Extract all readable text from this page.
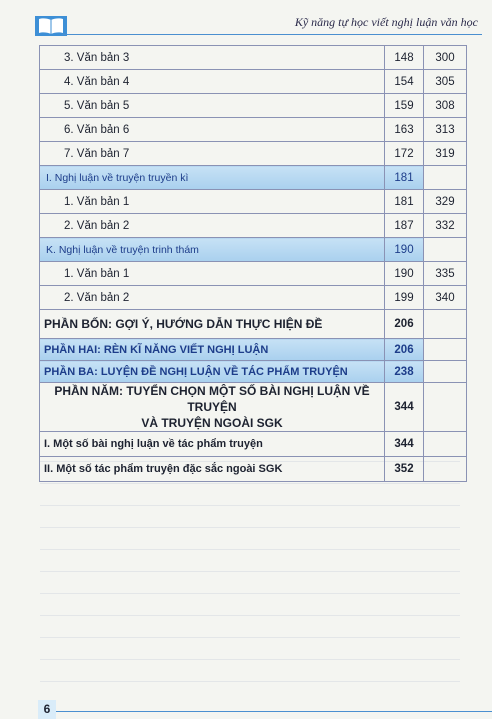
Kỹ năng tự học viết nghị luận văn học
3. Văn bản 3	148	300
4. Văn bản 4	154	305
5. Văn bản 5	159	308
6. Văn bản 6	163	313
7. Văn bản 7	172	319
I. Nghị luận về truyện truyền kì	181	
1. Văn bản 1	181	329
2. Văn bản 2	187	332
K. Nghị luận về truyện trinh thám	190	
1. Văn bản 1	190	335
2. Văn bản 2	199	340
PHẦN BỐN: GỢI Ý, HƯỚNG DẪN THỰC HIỆN ĐỀ	206	
PHẦN HAI: RÈN KĨ NĂNG VIẾT NGHỊ LUẬN	206	
PHẦN BA: LUYỆN ĐỀ NGHỊ LUẬN VỀ TÁC PHẨM TRUYỆN	238	
PHẦN NĂM: TUYỂN CHỌN MỘT SỐ BÀI NGHỊ LUẬN VỀ TRUYỆN
VÀ TRUYỆN NGOÀI SGK	344	
I. Một số bài nghị luận về tác phẩm truyện	344	
II. Một số tác phẩm truyện đặc sắc ngoài SGK	352	
6
